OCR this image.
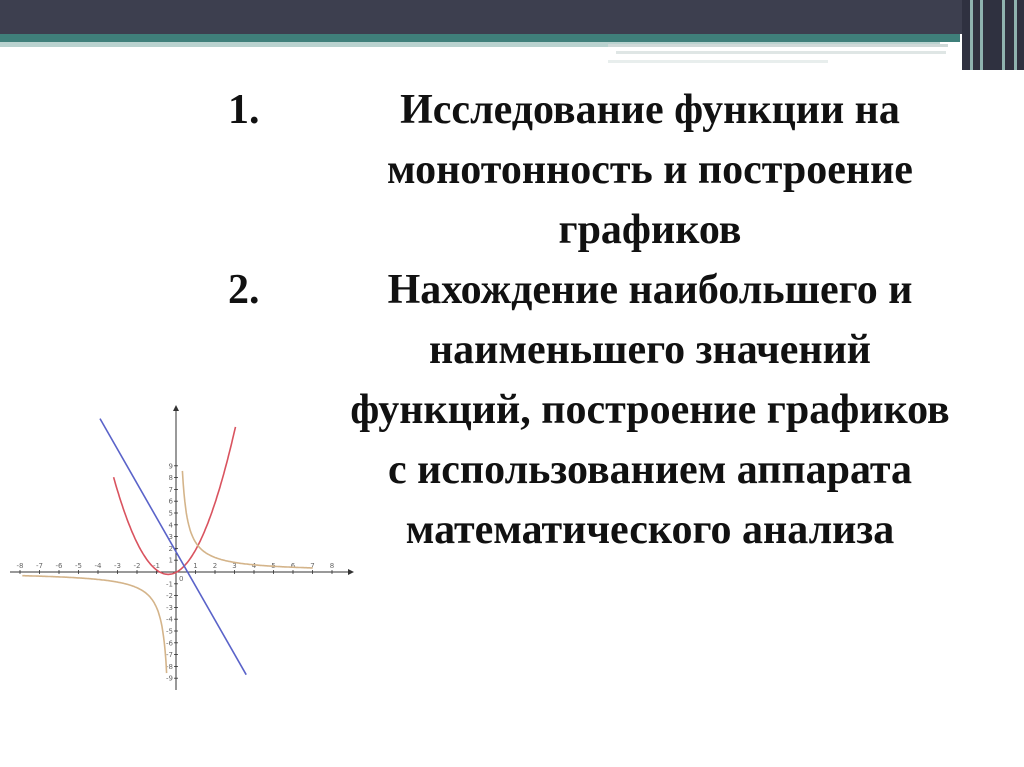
1.	Исследование функции на
монотонность и построение
графиков
2.	Нахождение наибольшего и
наименьшего значений
функций, построение графиков
с использованием аппарата
математического анализа
-8 -7 -6 -5 -4 -3 -2 -1	1 2 3 4 5 6 7 8
9
8
7
6
5
4
3
2
1
-1
-2
-3
-4
-5
-6
-7
-8
-9
0
